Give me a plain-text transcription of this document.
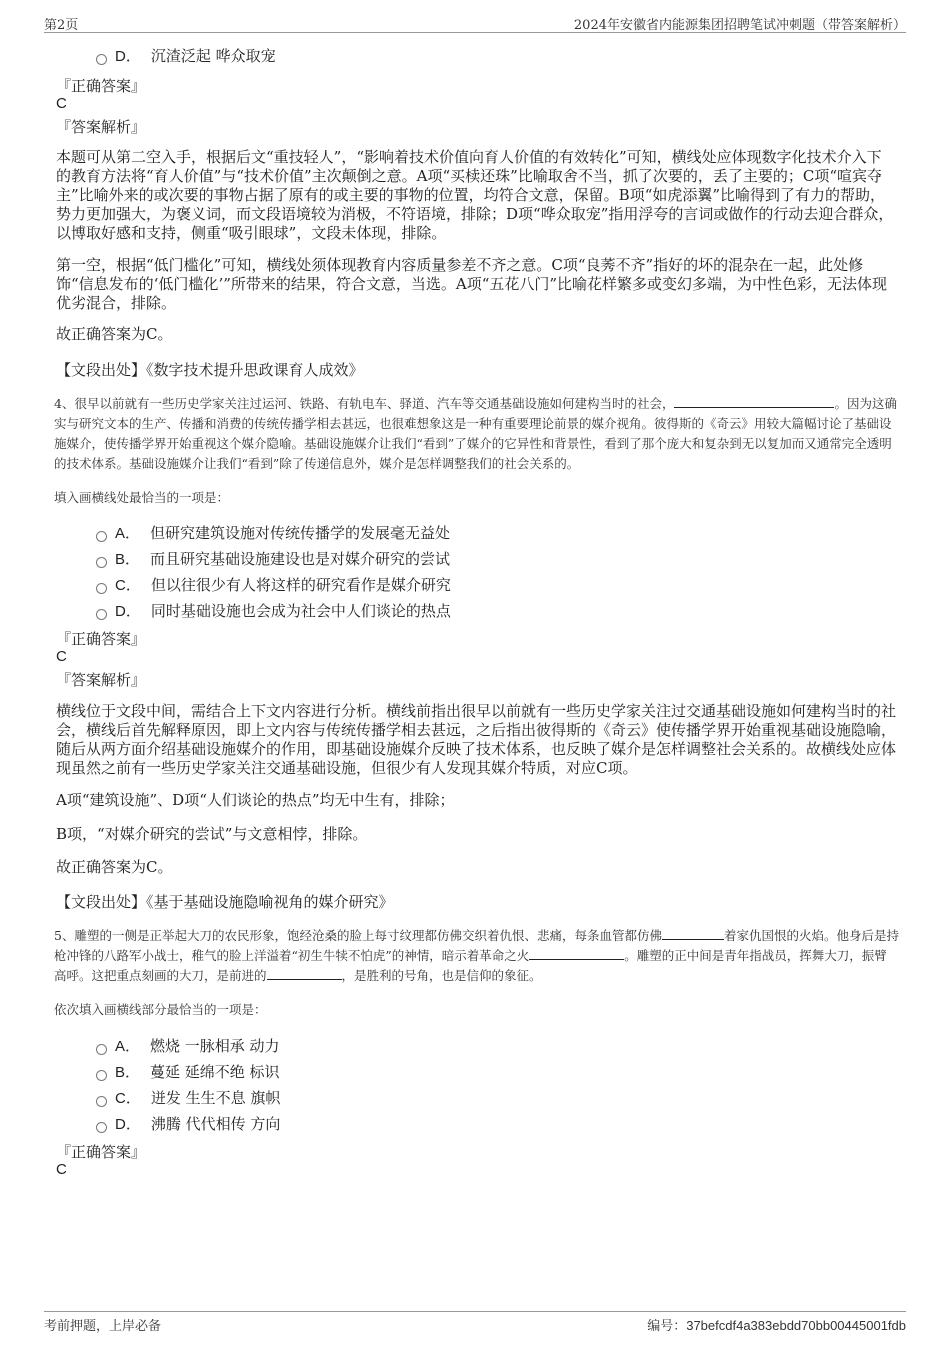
第2页	2024年安徽省内能源集团招聘笔试冲刺题（带答案解析）
D． 沉渣泛起 哗众取宠
『正确答案』
C
『答案解析』
本题可从第二空入手，根据后文“重技轻人”，“影响着技术价值向育人价值的有效转化”可知，横线处应体现数字化技术介入下的教育方法将“育人价值”与“技术价值”主次颠倒之意。A项“买椟还珠”比喻取舍不当，抓了次要的，丢了主要的；C项“喧宾夺主”比喻外来的或次要的事物占据了原有的或主要的事物的位置，均符合文意，保留。B项“如虎添翼”比喻得到了有力的帮助，势力更加强大，为褒义词，而文段语境较为消极，不符语境，排除；D项“哗众取宠”指用浮夸的言词或做作的行动去迎合群众，以博取好感和支持，侧重“吸引眼球”，文段未体现，排除。
第一空，根据“低门槛化”可知，横线处须体现教育内容质量参差不齐之意。C项“良莠不齐”指好的坏的混杂在一起，此处修饰“信息发布的‘低门槛化’”所带来的结果，符合文意，当选。A项“五花八门”比喻花样繁多或变幻多端，为中性色彩，无法体现优劣混合，排除。
故正确答案为C。
【文段出处】《数字技术提升思政课育人成效》
4、很早以前就有一些历史学家关注过运河、铁路、有轨电车、驿道、汽车等交通基础设施如何建构当时的社会，	。因为这确实与研究文本的生产、传播和消费的传统传播学相去甚远，也很难想象这是一种有重要理论前景的媒介视角。彼得斯的《奇云》用较大篇幅讨论了基础设施媒介，使传播学界开始重视这个媒介隐喻。基础设施媒介让我们“看到”了媒介的它异性和背景性，看到了那个庞大和复杂到无以复加而又通常完全透明的技术体系。基础设施媒介让我们“看到”除了传递信息外，媒介是怎样调整我们的社会关系的。
填入画横线处最恰当的一项是：
A． 但研究建筑设施对传统传播学的发展毫无益处
B． 而且研究基础设施建设也是对媒介研究的尝试
C． 但以往很少有人将这样的研究看作是媒介研究
D． 同时基础设施也会成为社会中人们谈论的热点
『正确答案』
C
『答案解析』
横线位于文段中间，需结合上下文内容进行分析。横线前指出很早以前就有一些历史学家关注过交通基础设施如何建构当时的社会，横线后首先解释原因，即上文内容与传统传播学相去甚远，之后指出彼得斯的《奇云》使传播学界开始重视基础设施隐喻，随后从两方面介绍基础设施媒介的作用，即基础设施媒介反映了技术体系，也反映了媒介是怎样调整社会关系的。故横线处应体现虽然之前有一些历史学家关注交通基础设施，但很少有人发现其媒介特质，对应C项。
A项“建筑设施”、D项“人们谈论的热点”均无中生有，排除；
B项，“对媒介研究的尝试”与文意相悖，排除。
故正确答案为C。
【文段出处】《基于基础设施隐喻视角的媒介研究》
5、雕塑的一侧是正举起大刀的农民形象，饱经沧桑的脸上每寸纹理都仿佛交织着仇恨、悲痛，每条血管都仿佛	着家仇国恨的火焰。他身后是持枪冲锋的八路军小战士，稚气的脸上洋溢着“初生牛犊不怕虎”的神情，暗示着革命之火	。雕塑的正中间是青年指战员，挥舞大刀，振臂高呼。这把重点刻画的大刀，是前进的	，是胜利的号角，也是信仰的象征。
依次填入画横线部分最恰当的一项是：
A． 燃烧 一脉相承 动力
B． 蔓延 延绵不绝 标识
C． 迸发 生生不息 旗帜
D． 沸腾 代代相传 方向
『正确答案』
C
考前押题，上岸必备	编号：37befcdf4a383ebdd70bb00445001fdb
